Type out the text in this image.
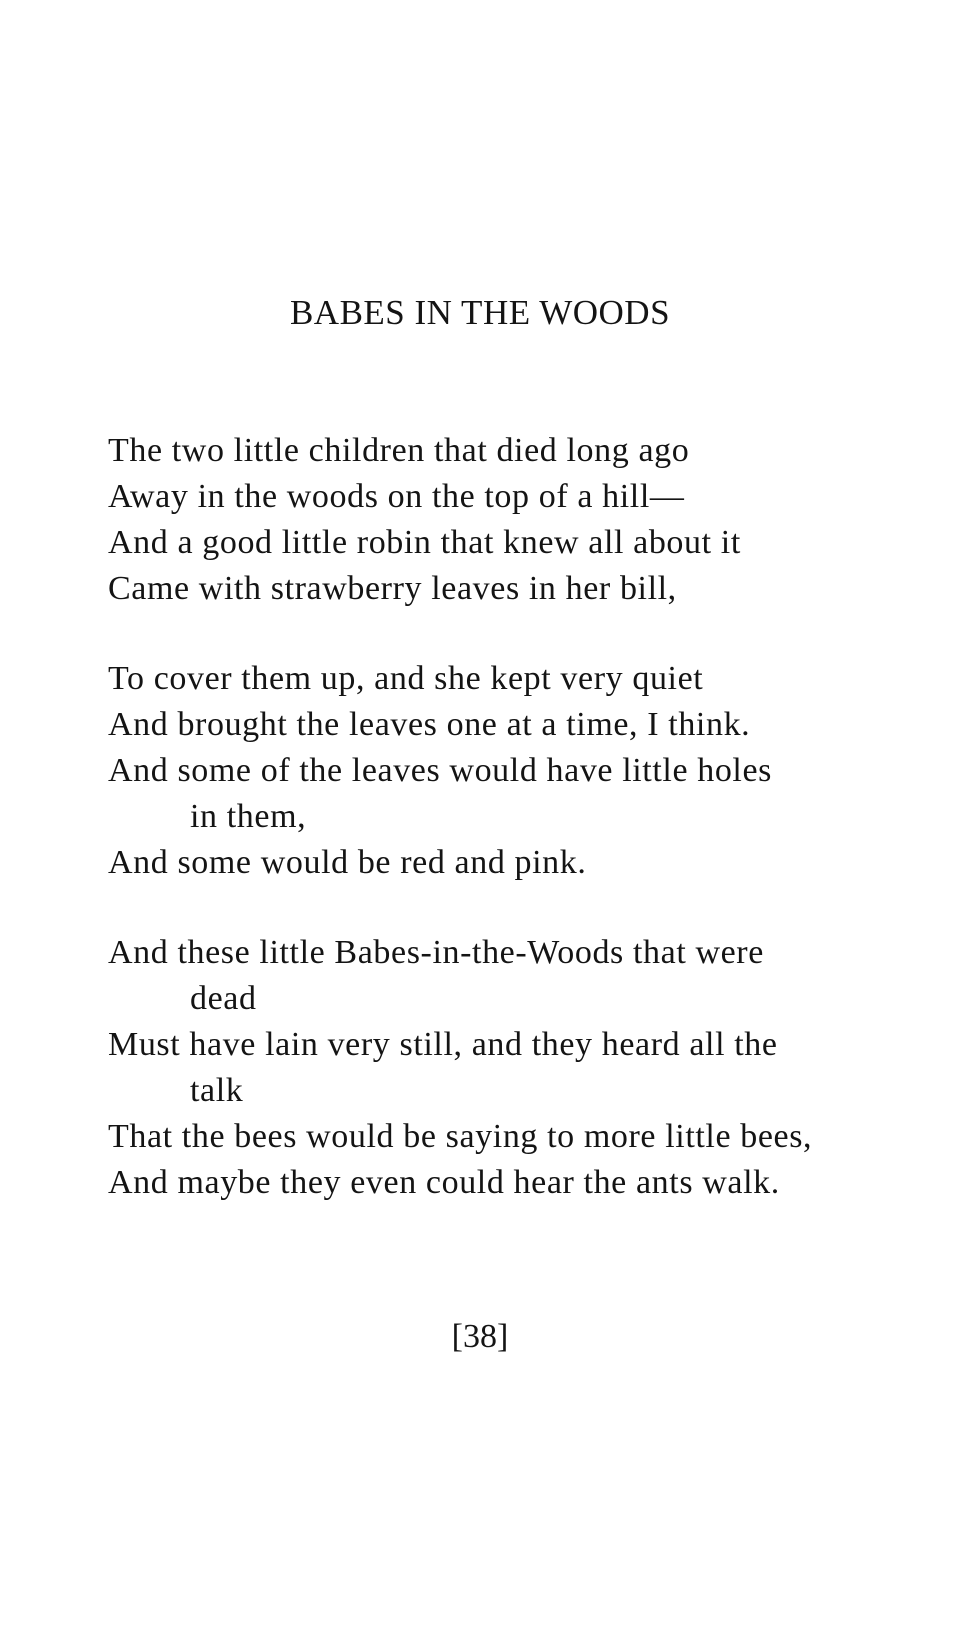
BABES IN THE WOODS
The two little children that died long ago
Away in the woods on the top of a hill—
And a good little robin that knew all about it
Came with strawberry leaves in her bill,
To cover them up, and she kept very quiet
And brought the leaves one at a time, I think.
And some of the leaves would have little holes
in them,
And some would be red and pink.
And these little Babes-in-the-Woods that were
dead
Must have lain very still, and they heard all the
talk
That the bees would be saying to more little bees,
And maybe they even could hear the ants walk.
[38]
